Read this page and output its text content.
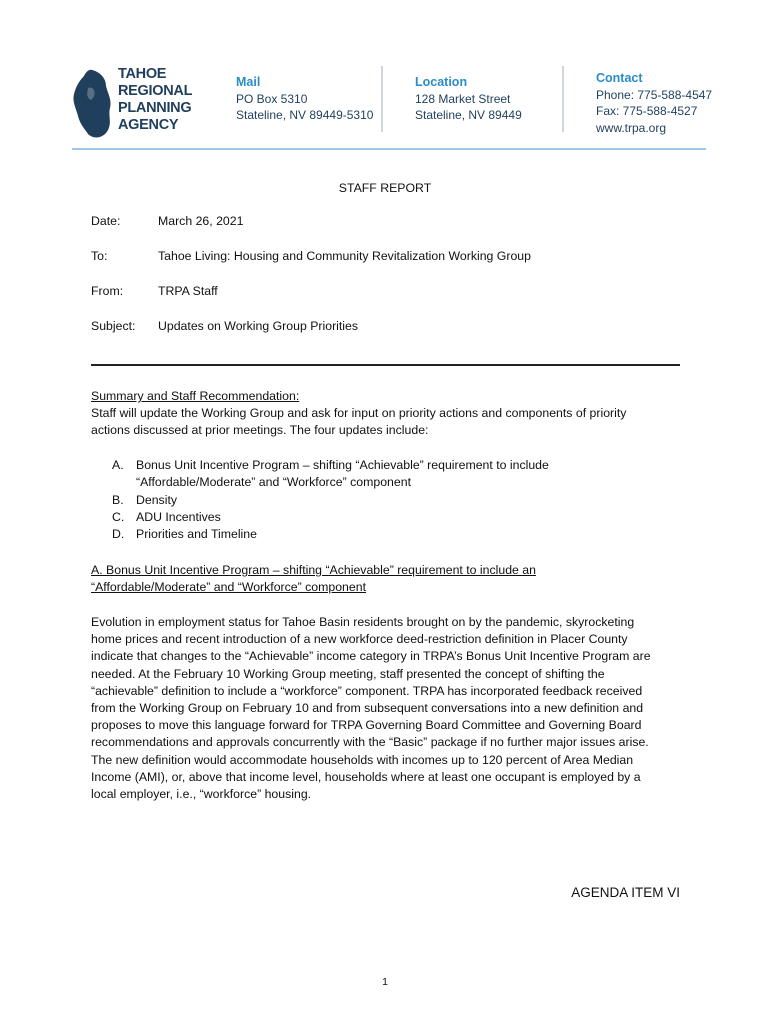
TAHOE
REGIONAL
PLANNING
AGENCY
Mail
PO Box 5310
Stateline, NV 89449-5310
Location
128 Market Street
Stateline, NV 89449
Contact
Phone: 775-588-4547
Fax: 775-588-4527
www.trpa.org
STAFF REPORT
Date:	March 26, 2021
To:	Tahoe Living: Housing and Community Revitalization Working Group
From:	TRPA Staff
Subject: Updates on Working Group Priorities
Summary and Staff Recommendation:
Staff will update the Working Group and ask for input on priority actions and components of priority
actions discussed at prior meetings. The four updates include:
A. Bonus Unit Incentive Program – shifting “Achievable” requirement to include
“Affordable/Moderate” and “Workforce” component
B. Density
C. ADU Incentives
D. Priorities and Timeline
A. Bonus Unit Incentive Program – shifting “Achievable” requirement to include an
“Affordable/Moderate” and “Workforce” component
Evolution in employment status for Tahoe Basin residents brought on by the pandemic, skyrocketing
home prices and recent introduction of a new workforce deed-restriction definition in Placer County
indicate that changes to the “Achievable” income category in TRPA’s Bonus Unit Incentive Program are
needed. At the February 10 Working Group meeting, staff presented the concept of shifting the
“achievable” definition to include a “workforce” component. TRPA has incorporated feedback received
from the Working Group on February 10 and from subsequent conversations into a new definition and
proposes to move this language forward for TRPA Governing Board Committee and Governing Board
recommendations and approvals concurrently with the “Basic” package if no further major issues arise.
The new definition would accommodate households with incomes up to 120 percent of Area Median
Income (AMI), or, above that income level, households where at least one occupant is employed by a
local employer, i.e., “workforce” housing.
AGENDA ITEM VI
1
